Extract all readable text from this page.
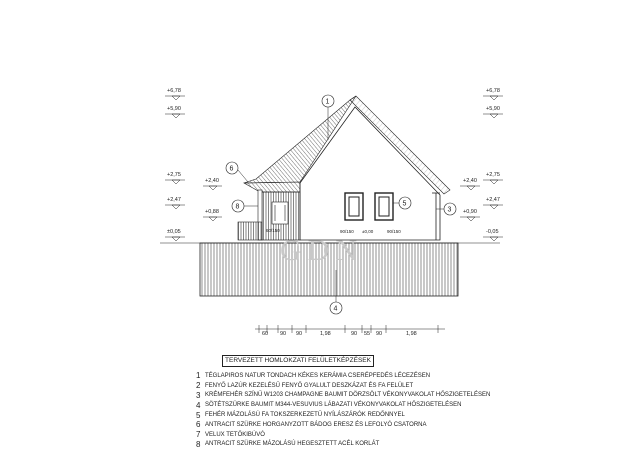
60/150	90/150	90/150
±0,00
GDN
+6,78
+5,90
+2,75
+2,47
±0,05
+2,40
+0,88
+6,78
+5,90
+2,75
+2,47
-0,05
+2,40
+0,90
1
6
8	5
3
4
60 90 90	1,98	90 55 90	1,98
TERVEZETT HOMLOKZATI FELÜLETKÉPZÉSEK
1 TÉGLAPIROS NATUR TONDACH KÉKES KERÁMIA CSERÉPFEDÉS LÉCEZÉSEN
2 FENYŐ LAZÚR KEZELÉSŰ FENYŐ GYALULT DESZKÁZAT ÉS FA FELÜLET
3 KRÉMFEHÉR SZÍNŰ W1203 CHAMPAGNE BAUMIT DÖRZSÖLT VÉKONYVAKOLAT HŐSZIGETELÉSEN
4 SÖTÉTSZÜRKE BAUMIT M344-VESUVIUS LÁBAZATI VÉKONYVAKOLAT HŐSZIGETELÉSEN
5 FEHÉR MÁZOLÁSÚ FA TOKSZERKEZETŰ NYÍLÁSZÁRÓK REDŐNNYEL
6 ANTRACIT SZÜRKE HORGANYZOTT BÁDOG ERESZ ÉS LEFOLYÓ CSATORNA
7 VELUX TETŐKIBÚVÓ
8 ANTRACIT SZÜRKE MÁZOLÁSÚ HEGESZTETT ACÉL KORLÁT
